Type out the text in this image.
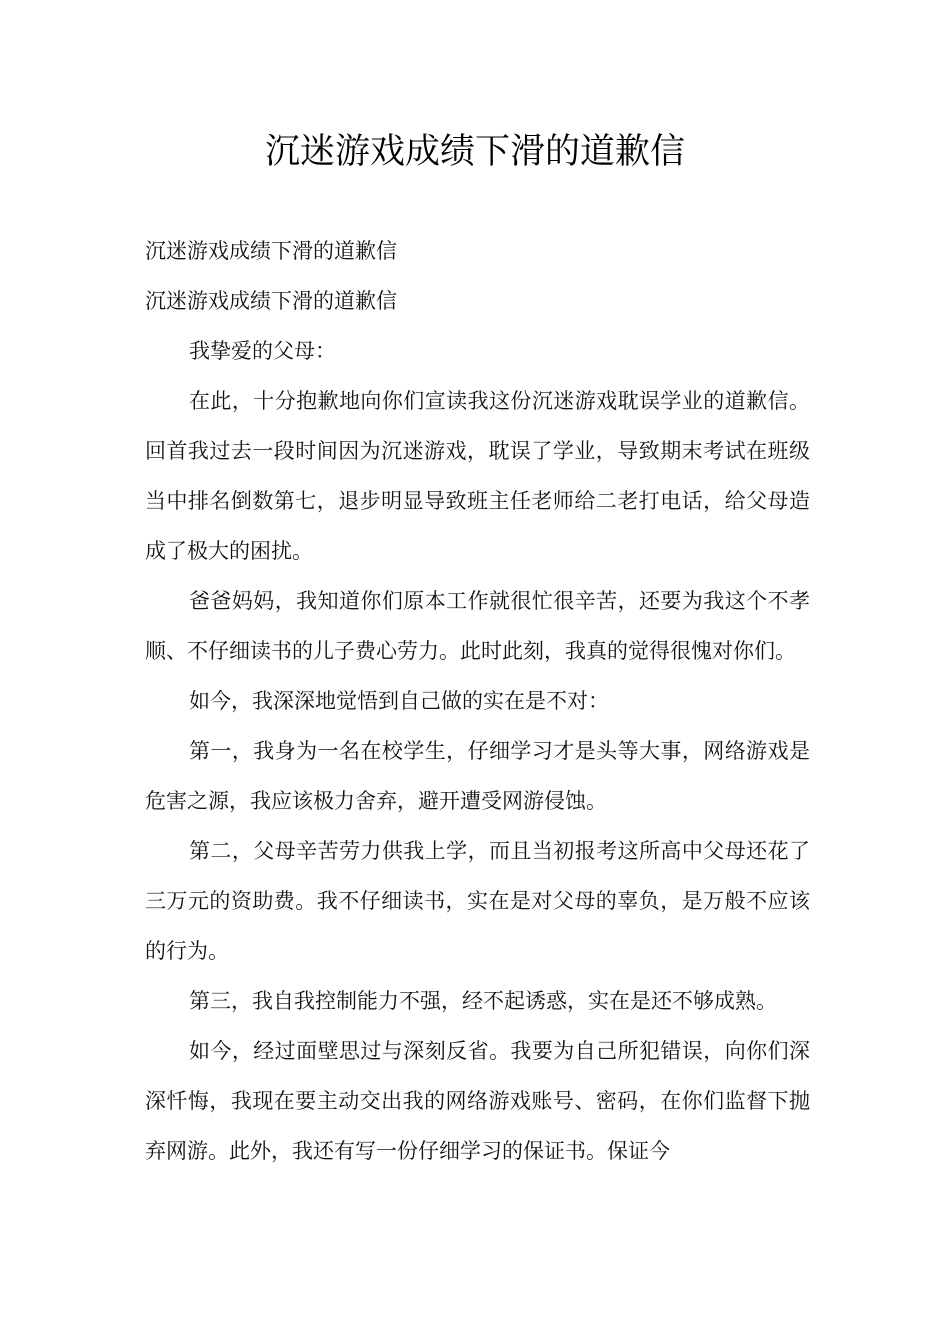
沉迷游戏成绩下滑的道歉信

沉迷游戏成绩下滑的道歉信

沉迷游戏成绩下滑的道歉信

我挚爱的父母：

在此，十分抱歉地向你们宣读我这份沉迷游戏耽误学业的道歉信。回首我过去一段时间因为沉迷游戏，耽误了学业，导致期末考试在班级当中排名倒数第七，退步明显导致班主任老师给二老打电话，给父母造成了极大的困扰。

爸爸妈妈，我知道你们原本工作就很忙很辛苦，还要为我这个不孝顺、不仔细读书的儿子费心劳力。此时此刻，我真的觉得很愧对你们。

如今，我深深地觉悟到自己做的实在是不对：

第一，我身为一名在校学生，仔细学习才是头等大事，网络游戏是危害之源，我应该极力舍弃，避开遭受网游侵蚀。

第二，父母辛苦劳力供我上学，而且当初报考这所高中父母还花了三万元的资助费。我不仔细读书，实在是对父母的辜负，是万般不应该的行为。

第三，我自我控制能力不强，经不起诱惑，实在是还不够成熟。

如今，经过面壁思过与深刻反省。我要为自己所犯错误，向你们深深忏悔，我现在要主动交出我的网络游戏账号、密码，在你们监督下抛弃网游。此外，我还有写一份仔细学习的保证书。保证今
